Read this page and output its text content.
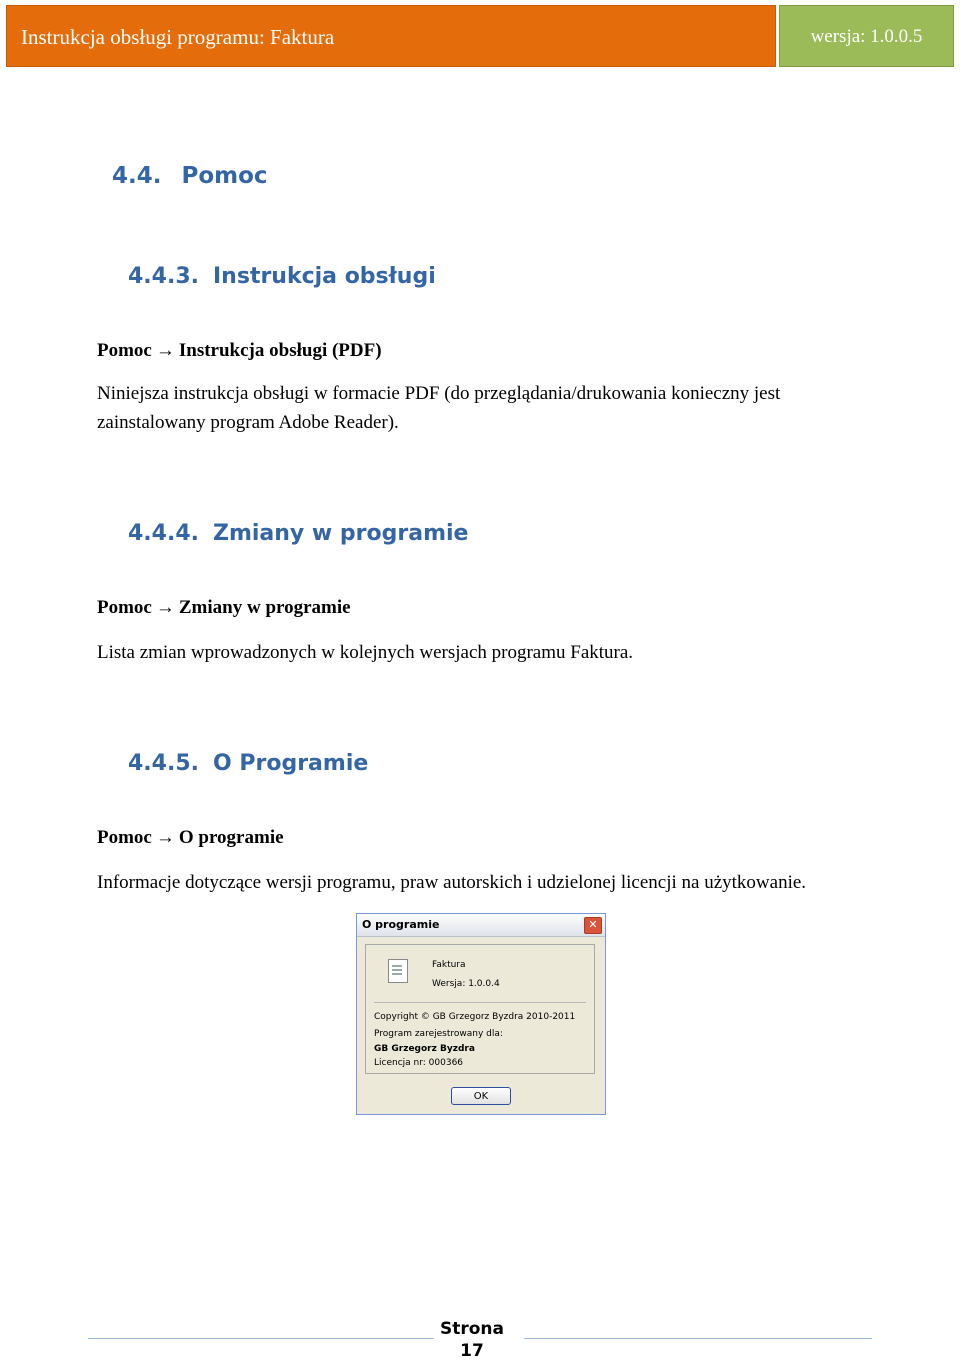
Instrukcja obsługi programu: Faktura	wersja: 1.0.0.5
4.4. Pomoc
4.4.3. Instrukcja obsługi
Pomoc → Instrukcja obsługi (PDF)

Niniejsza instrukcja obsługi w formacie PDF (do przeglądania/drukowania konieczny jest zainstalowany program Adobe Reader).

4.4.4. Zmiany w programie
Pomoc → Zmiany w programie

Lista zmian wprowadzonych w kolejnych wersjach programu Faktura.

4.4.5. O Programie
Pomoc → O programie

Informacje dotyczące wersji programu, praw autorskich i udzielonej licencji na użytkowanie.

O programie	✕
Faktura
Wersja: 1.0.0.4
Copyright © GB Grzegorz Byzdra 2010-2011
Program zarejestrowany dla:
GB Grzegorz Byzdra
Licencja nr: 000366
OK
Strona
17
